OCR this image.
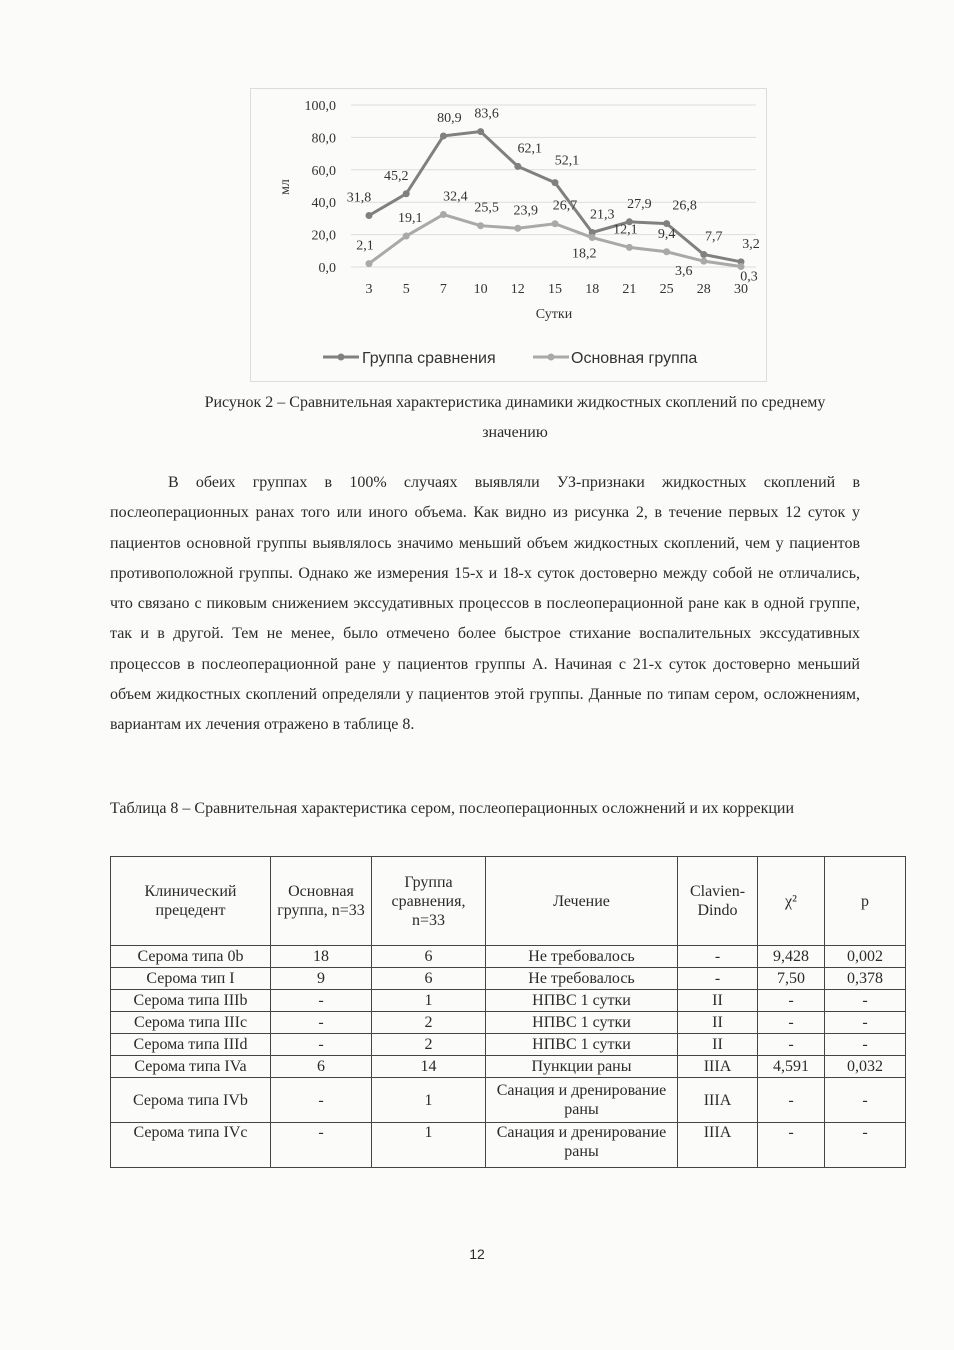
0,0
20,0
40,0
60,0
80,0
100,0
3 5 7 10 12 15 18 21 25 28 30
31,8
45,2
80,9 83,6
62,1
52,1
21,3
27,9 26,8
7,7 3,2
2,1
19,1
32,4
25,5 23,9 26,7
18,2
12,1 9,4
3,6	0,3
мл
Сутки
Группа сравнения	Основная группа
Рисунок 2 – Сравнительная характеристика динамики жидкостных скоплений по среднему
значению
В обеих группах в 100% случаях выявляли УЗ-признаки жидкостных скоплений в послеоперационных ранах того или иного объема. Как видно из рисунка 2, в течение первых 12 суток у пациентов основной группы выявлялось значимо меньший объем жидкостных скоплений, чем у пациентов противоположной группы. Однако же измерения 15-х и 18-х суток достоверно между собой не отличались, что связано с пиковым снижением экссудативных процессов в послеоперационной ране как в одной группе, так и в другой. Тем не менее, было отмечено более быстрое стихание воспалительных экссудативных процессов в послеоперационной ране у пациентов группы А. Начиная с 21-х суток достоверно меньший объем жидкостных скоплений определяли у пациентов этой группы. Данные по типам сером, осложнениям, вариантам их лечения отражено в таблице 8.
Таблица 8 – Сравнительная характеристика сером, послеоперационных осложнений и их коррекции
Клинический прецедент	Основная группа, n=33	Группа сравнения, n=33	Лечение	Clavien-Dindo	χ²	p
Серома типа 0b	18	6	Не требовалось	-	9,428	0,002
Серома тип I	9	6	Не требовалось	-	7,50	0,378
Серома типа IIIb	-	1	НПВС 1 сутки	II	-	-
Серома типа IIIc	-	2	НПВС 1 сутки	II	-	-
Серома типа IIId	-	2	НПВС 1 сутки	II	-	-
Серома типа IVa	6	14	Пункции раны	IIIA	4,591	0,032
Серома типа IVb	-	1	Санация и дренирование раны	IIIA	-	-
Серома типа IVc	-	1	Санация и дренирование раны	IIIA	-	-
12
